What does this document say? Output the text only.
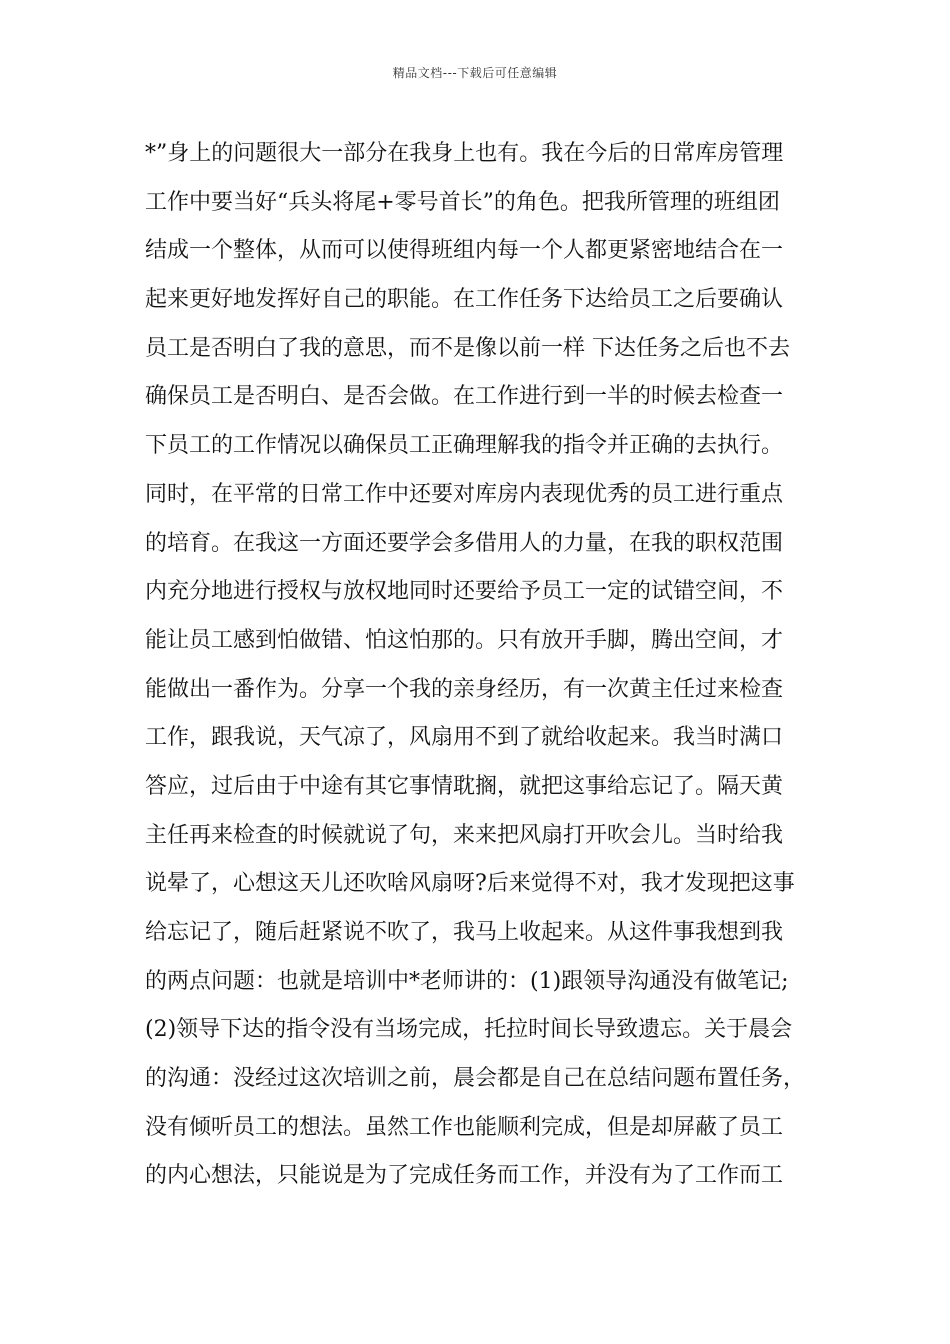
精品文档---下载后可任意编辑
*”身上的问题很大一部分在我身上也有。我在今后的日常库房管理
工作中要当好“兵头将尾+零号首长”的角色。把我所管理的班组团
结成一个整体，从而可以使得班组内每一个人都更紧密地结合在一
起来更好地发挥好自己的职能。在工作任务下达给员工之后要确认
员工是否明白了我的意思，而不是像以前一样 下达任务之后也不去
确保员工是否明白、是否会做。在工作进行到一半的时候去检查一
下员工的工作情况以确保员工正确理解我的指令并正确的去执行。
同时，在平常的日常工作中还要对库房内表现优秀的员工进行重点
的培育。在我这一方面还要学会多借用人的力量，在我的职权范围
内充分地进行授权与放权地同时还要给予员工一定的试错空间，不
能让员工感到怕做错、怕这怕那的。只有放开手脚，腾出空间，才
能做出一番作为。分享一个我的亲身经历，有一次黄主任过来检查
工作，跟我说，天气凉了，风扇用不到了就给收起来。我当时满口
答应，过后由于中途有其它事情耽搁，就把这事给忘记了。隔天黄
主任再来检查的时候就说了句，来来把风扇打开吹会儿。当时给我
说晕了，心想这天儿还吹啥风扇呀?后来觉得不对，我才发现把这事
给忘记了，随后赶紧说不吹了，我马上收起来。从这件事我想到我
的两点问题：也就是培训中*老师讲的：(1)跟领导沟通没有做笔记;
(2)领导下达的指令没有当场完成，托拉时间长导致遗忘。关于晨会
的沟通：没经过这次培训之前，晨会都是自己在总结问题布置任务，
没有倾听员工的想法。虽然工作也能顺利完成，但是却屏蔽了员工
的内心想法，只能说是为了完成任务而工作，并没有为了工作而工
